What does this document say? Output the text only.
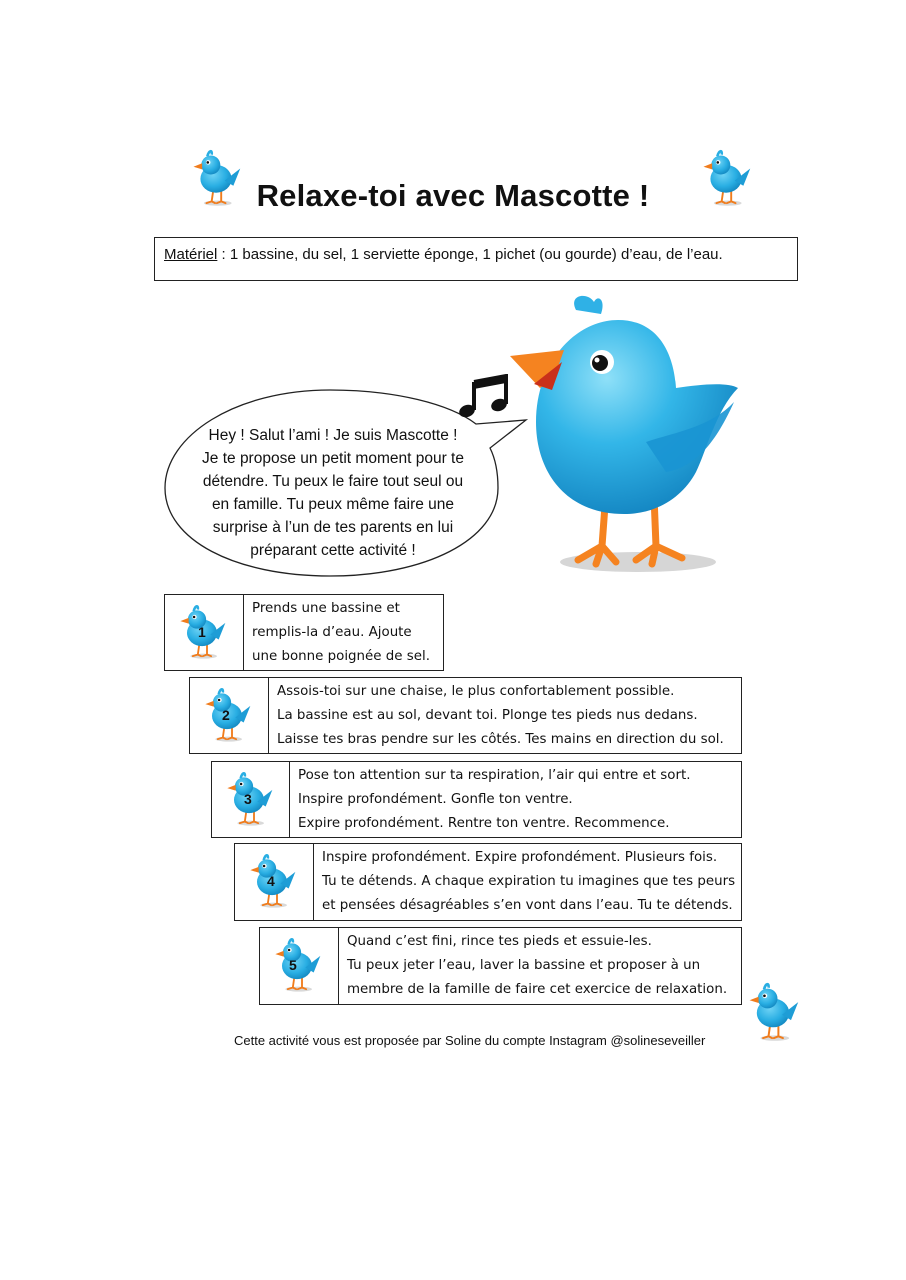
Relaxe-toi avec Mascotte !
Matériel : 1 bassine, du sel, 1 serviette éponge, 1 pichet (ou gourde) d’eau, de l’eau.
Hey ! Salut l’ami ! Je suis Mascotte !
Je te propose un petit moment pour te
détendre. Tu peux le faire tout seul ou
en famille. Tu peux même faire une
surprise à l’un de tes parents en lui
préparant cette activité !
1
Prends une bassine et
remplis-la d’eau. Ajoute
une bonne poignée de sel.
2
Assois-toi sur une chaise, le plus confortablement possible.
La bassine est au sol, devant toi. Plonge tes pieds nus dedans.
Laisse tes bras pendre sur les côtés. Tes mains en direction du sol.
3
Pose ton attention sur ta respiration, l’air qui entre et sort.
Inspire profondément. Gonfle ton ventre.
Expire profondément. Rentre ton ventre. Recommence.
4
Inspire profondément. Expire profondément. Plusieurs fois.
Tu te détends. A chaque expiration tu imagines que tes peurs
et pensées désagréables s’en vont dans l’eau. Tu te détends.
5
Quand c’est fini, rince tes pieds et essuie-les.
Tu peux jeter l’eau, laver la bassine et proposer à un
membre de la famille de faire cet exercice de relaxation.
Cette activité vous est proposée par Soline du compte Instagram @solineseveiller
